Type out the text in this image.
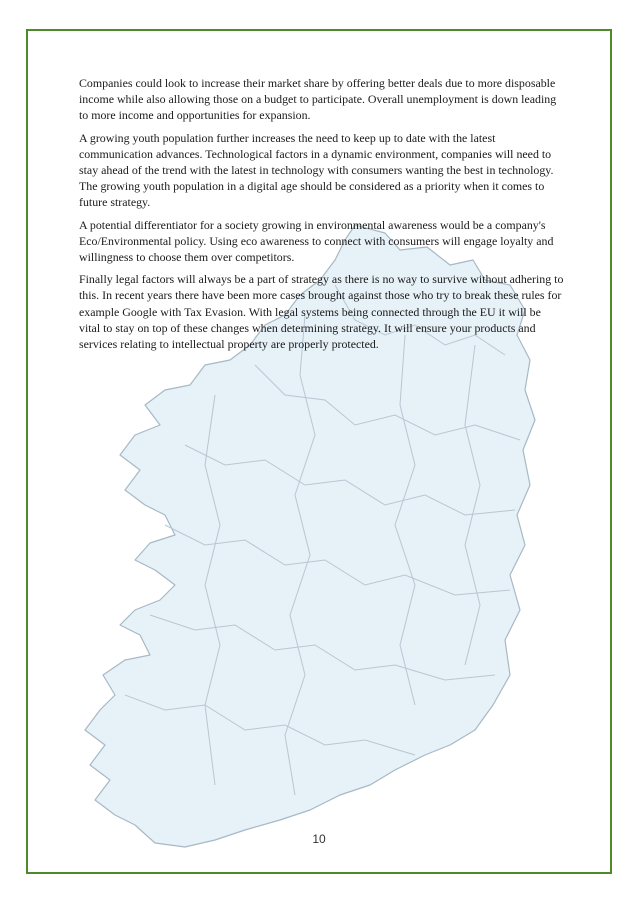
Companies could look to increase their market share by offering better deals due to more disposable income while also allowing those on a budget to participate. Overall unemployment is down leading to more income and opportunities for expansion.

A growing youth population further increases the need to keep up to date with the latest communication advances. Technological factors in a dynamic environment, companies will need to stay ahead of the trend with the latest in technology with consumers wanting the best in technology. The growing youth population in a digital age should be considered as a priority when it comes to future strategy.

A potential differentiator for a society growing in environmental awareness would be a company's Eco/Environmental policy. Using eco awareness to connect with consumers will engage loyalty and willingness to choose them over competitors.

Finally legal factors will always be a part of strategy as there is no way to survive without adhering to this. In recent years there have been more cases brought against those who try to break these rules for example Google with Tax Evasion. With legal systems being connected through the EU it will be vital to stay on top of these changes when determining strategy. It will ensure your products and services relating to intellectual property are properly protected.

10
